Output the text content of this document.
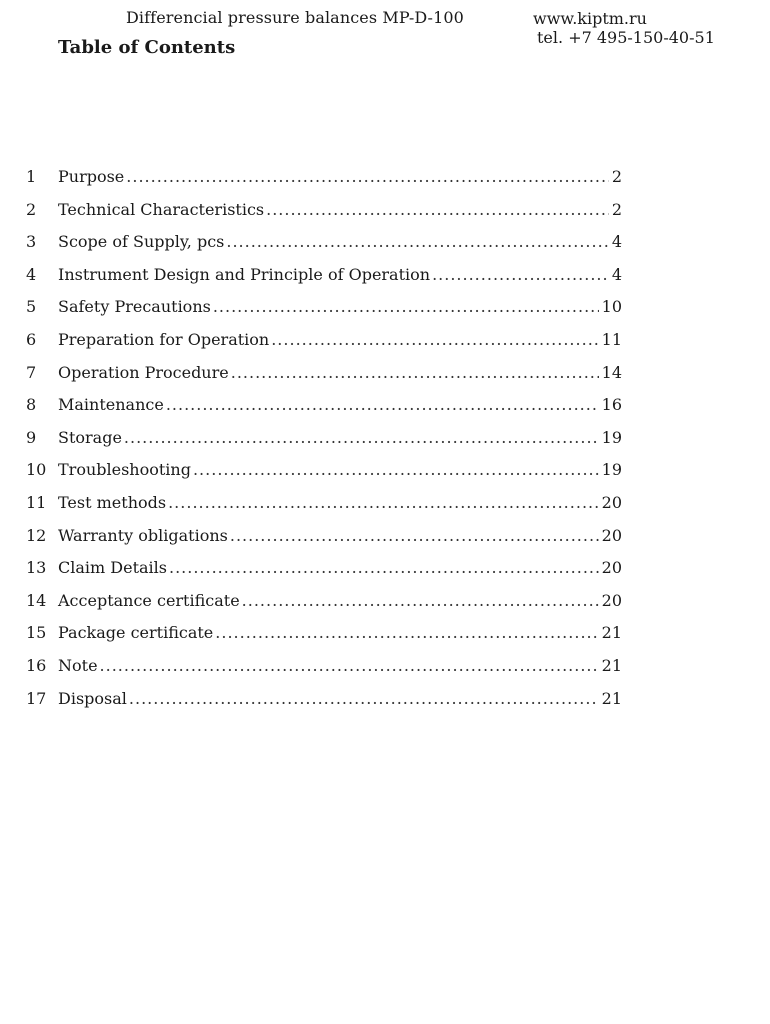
Differencial pressure balances MP-D-100	www.kiptm.ru
tel. +7 495-150-40-51
Table of Contents
1	Purpose .....	2
2	Technical Characteristics .....	2
3	Scope of Supply, pcs .....	4
4	Instrument Design and Principle of Operation .....	4
5	Safety Precautions .....	10
6	Preparation for Operation .....	11
7	Operation Procedure .....	14
8	Maintenance .....	16
9	Storage .....	19
10 Troubleshooting .....	19
11 Test methods .....	20
12 Warranty obligations .....	20
13 Claim Details .....	20
14 Acceptance certificate .....	20
15 Package certificate .....	21
16 Note .....	21
17 Disposal .....	21
